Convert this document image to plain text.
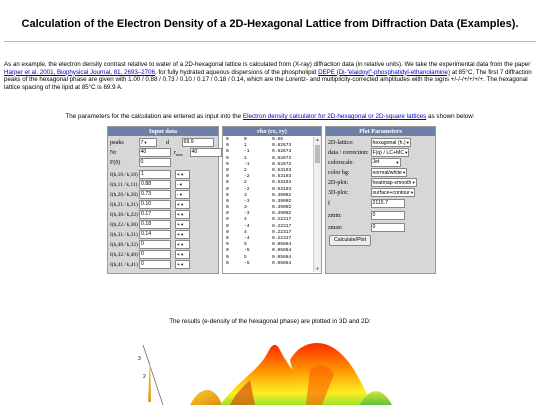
Calculation of the Electron Density of a 2D-Hexagonal Lattice from Diffraction Data (Examples).
As an example, the electron density contrast relative to water of a 2D-hexagonal lattice is calculated from (X-ray) diffraction data (in relative units). We take the experimental data from the paper Harper et al. 2001, Biophysical Journal, 81, 2693–2706, for fully hydrated aqueous dispersions of the phospholipid DEPE (Di-"elaidoyl"-phosphatidyl-ethanolamine) at 85°C. The first 7 diffraction peaks of the hexagonal phase are given with 1.00 / 0.88 / 0.73 / 0.10 / 0.17 / 0.18 / 0.14, which are the Lorentz- and multiplicity-corrected amplitudes with the signs +/-/-/+/+/+/+. The hexagonal lattice spacing of the lipid at 85°C is 69.9 A.
The parameters for the calculation are entered as input into the Electron density calculator for 2D-hexagonal or 2D-square lattices as shown below:
Input data
peaks	7▾	d	69.9
Nr	40	$r_{max}$ 40
F(0)	0
I(h,10 ⁄ k,10) 1	+▾
I(h,11 ⁄ k,11) 0.88	-▾
I(h,20 ⁄ k,20) 0.73	-▾
I(h,21 ⁄ k,21) 0.10	+▾
I(h,30 ⁄ k,22) 0.17	+▾
I(h,22 ⁄ k,30) 0.18	+▾
I(h,31 ⁄ k,31) 0.14	+▾
I(h,40 ⁄ k,32) 0	+▾
I(h,32 ⁄ k,40) 0	+▾
I(h,41 ⁄ k,41) 0	+▾
rho (rx, ry)
0	0	0.66
0	1	0.62673
0	-1	0.62673
0	1	0.62673
0	-1	0.62673
0	2	0.53193
0	-2	0.53193
0	2	0.53193
0	-2	0.53193
0	3	0.39002
0	-3	0.39002
0	3	0.39002
0	-3	0.39002
0	4	0.22317
0	-4	0.22317
0	4	0.22317
0	-4	0.22317
0	5	0.05864
0	-5	0.05864
0	5	0.05864
0	-5	0.05864
▲
▼
Plot Parameters
2D-lattice:	hexagonal (h.)▾
data / correction: F(q) / LC+MC▾
colorscale:	Jet	▾
color bg:	normal/white▾
2D-plot:	heatmap-smooth▾
3D-plot:	surface+contour▾
f	2115.7
zmin:	0
zmax:	0
Calculate/Plot
The results (e-density of the hexagonal phase) are plotted in 3D and 2D:
3
2
